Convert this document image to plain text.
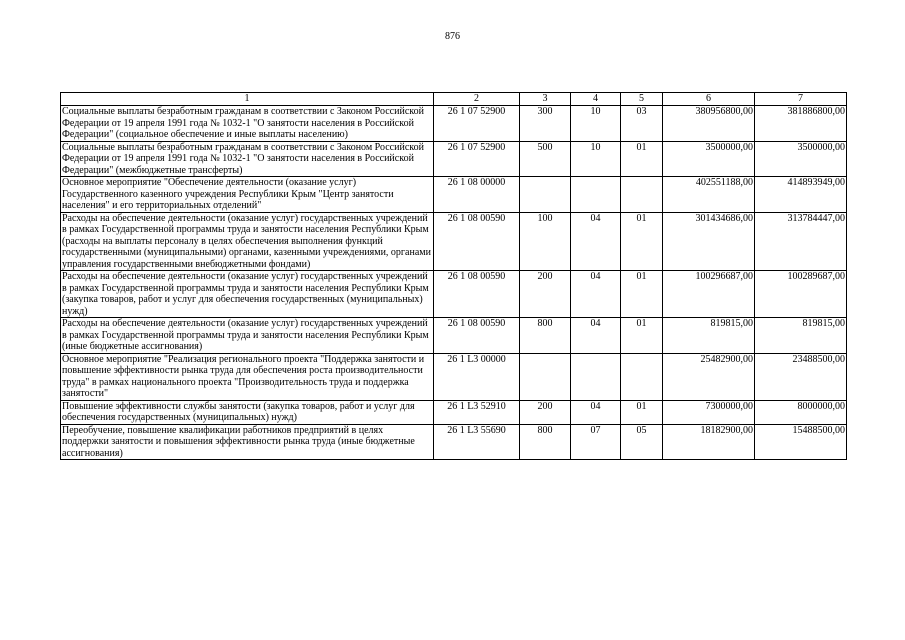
876
1	2	3	4	5	6	7
Социальные выплаты безработным гражданам в соответствии с Законом Российской Федерации от 19 апреля 1991 года № 1032-1 "О занятости населения в Российской Федерации" (социальное обеспечение и иные выплаты населению)	26 1 07 52900	300	10	03	380956800,00	381886800,00
Социальные выплаты безработным гражданам в соответствии с Законом Российской Федерации от 19 апреля 1991 года № 1032-1 "О занятости населения в Российской Федерации" (межбюджетные трансферты)	26 1 07 52900	500	10	01	3500000,00	3500000,00
Основное мероприятие "Обеспечение деятельности (оказание услуг) Государственного казенного учреждения Республики Крым "Центр занятости населения" и его территориальных отделений"	26 1 08 00000				402551188,00	414893949,00
Расходы на обеспечение деятельности (оказание услуг) государственных учреждений в рамках Государственной программы труда и занятости населения Республики Крым (расходы на выплаты персоналу в целях обеспечения выполнения функций государственными (муниципальными) органами, казенными учреждениями, органами управления государственными внебюджетными фондами)	26 1 08 00590	100	04	01	301434686,00	313784447,00
Расходы на обеспечение деятельности (оказание услуг) государственных учреждений в рамках Государственной программы труда и занятости населения Республики Крым (закупка товаров, работ и услуг для обеспечения государственных (муниципальных) нужд)	26 1 08 00590	200	04	01	100296687,00	100289687,00
Расходы на обеспечение деятельности (оказание услуг) государственных учреждений в рамках Государственной программы труда и занятости населения Республики Крым (иные бюджетные ассигнования)	26 1 08 00590	800	04	01	819815,00	819815,00
Основное мероприятие "Реализация регионального проекта "Поддержка занятости и повышение эффективности рынка труда для обеспечения роста производительности труда" в рамках национального проекта "Производительность труда и поддержка занятости"	26 1 L3 00000				25482900,00	23488500,00
Повышение эффективности службы занятости (закупка товаров, работ и услуг для обеспечения государственных (муниципальных) нужд)	26 1 L3 52910	200	04	01	7300000,00	8000000,00
Переобучение, повышение квалификации работников предприятий в целях поддержки занятости и повышения эффективности рынка труда (иные бюджетные ассигнования)	26 1 L3 55690	800	07	05	18182900,00	15488500,00
